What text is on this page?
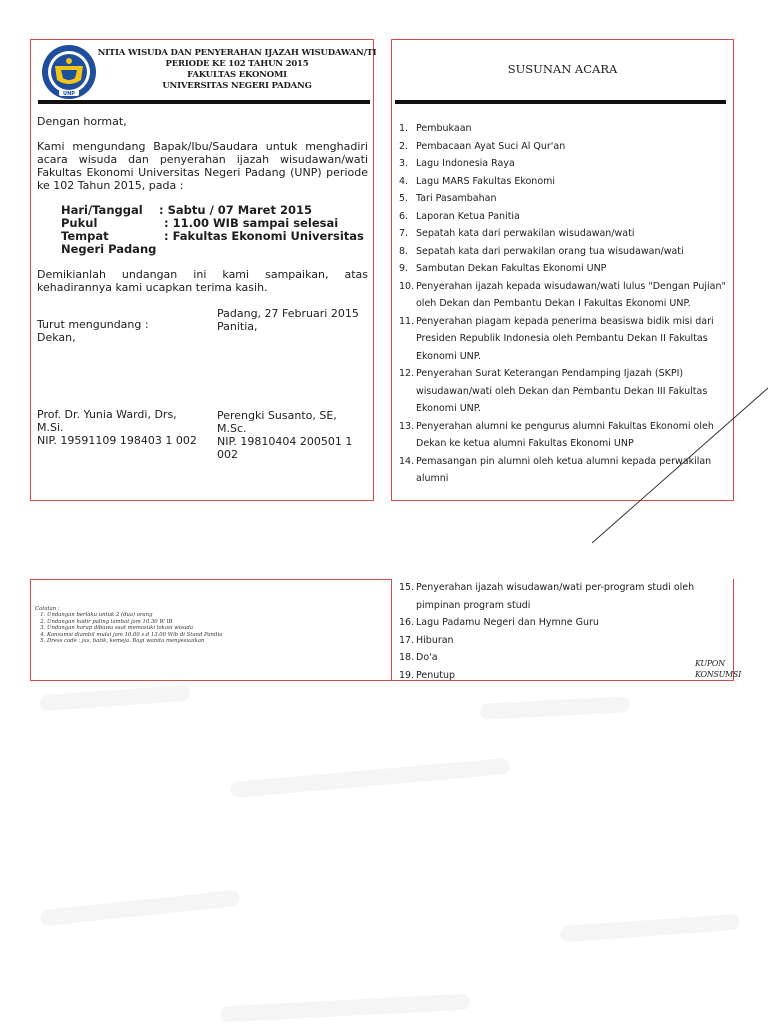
UNP
NITIA WISUDA DAN PENYERAHAN IJAZAH WISUDAWAN/TI
PERIODE KE 102 TAHUN 2015
FAKULTAS EKONOMI
UNIVERSITAS NEGERI PADANG
Dengan hormat,
Kami mengundang Bapak/Ibu/Saudara untuk menghadiri acara wisuda dan penyerahan ijazah wisudawan/wati Fakultas Ekonomi Universitas Negeri Padang (UNP) periode ke 102 Tahun 2015, pada :
Hari/Tanggal : Sabtu / 07 Maret 2015
Pukul	: 11.00 WIB sampai selesai
Tempat	: Fakultas Ekonomi Universitas
Negeri Padang
Demikianlah undangan ini kami sampaikan, atas kehadirannya kami ucapkan terima kasih.
Padang, 27 Februari 2015
Panitia,
Turut mengundang :
Dekan,
Prof. Dr. Yunia Wardi, Drs,
M.Si.
NIP. 19591109 198403 1 002
Perengki Susanto, SE,
M.Sc.
NIP. 19810404 200501 1
002
SUSUNAN ACARA
1. Pembukaan
2. Pembacaan Ayat Suci Al Qur'an
3. Lagu Indonesia Raya
4. Lagu MARS Fakultas Ekonomi
5. Tari Pasambahan
6. Laporan Ketua Panitia
7. Sepatah kata dari perwakilan wisudawan/wati
8. Sepatah kata dari perwakilan orang tua wisudawan/wati
9. Sambutan Dekan Fakultas Ekonomi UNP
10. Penyerahan ijazah kepada wisudawan/wati lulus "Dengan Pujian" oleh Dekan dan Pembantu Dekan I Fakultas Ekonomi UNP.
11. Penyerahan piagam kepada penerima beasiswa bidik misi dari Presiden Republik Indonesia oleh Pembantu Dekan II Fakultas Ekonomi UNP.
12. Penyerahan Surat Keterangan Pendamping Ijazah (SKPI) wisudawan/wati oleh Dekan dan Pembantu Dekan III Fakultas Ekonomi UNP.
13. Penyerahan alumni ke pengurus alumni Fakultas Ekonomi oleh Dekan ke ketua alumni Fakultas Ekonomi UNP
14. Pemasangan pin alumni oleh ketua alumni kepada perwakilan alumni
Catatan :
1. Undangan berlaku untuk 2 (dua) orang
2. Undangan hadir paling lambat jam 10.30 W IB
3. Undangan harap dibawa saat memasuki lokasi wisuda
4. Konsumsi diambil mulai jam 10.00 s.d 13.00 Wib di Stand Panitia
5. Dress code : jas, batik, kemeja. Bagi wanita menyesuaikan
15. Penyerahan ijazah wisudawan/wati per-program studi oleh pimpinan program studi
16. Lagu Padamu Negeri dan Hymne Guru
17. Hiburan
18. Do'a
19. Penutup
KUPON
KONSUMSI
